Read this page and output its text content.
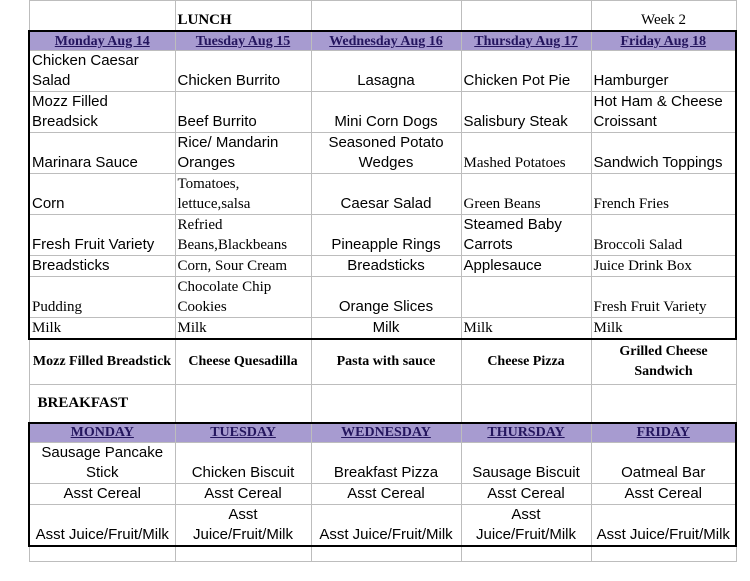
	LUNCH			Week 2
Monday Aug 14	Tuesday Aug 15	Wednesday Aug 16	Thursday Aug 17	Friday Aug 18
Chicken Caesar Salad	Chicken Burrito	Lasagna	Chicken Pot Pie	Hamburger
Mozz Filled Breadsick	Beef Burrito	Mini Corn Dogs	Salisbury Steak	Hot Ham & Cheese Croissant
Marinara Sauce	Rice/ Mandarin Oranges	Seasoned Potato Wedges	Mashed Potatoes	Sandwich Toppings
Corn	Tomatoes, lettuce,salsa	Caesar Salad	Green Beans	French Fries
Fresh Fruit Variety	Refried Beans,Blackbeans	Pineapple Rings	Steamed Baby Carrots	Broccoli Salad
Breadsticks	Corn, Sour Cream	Breadsticks	Applesauce	Juice Drink Box
Pudding	Chocolate Chip Cookies	Orange Slices		Fresh Fruit Variety
Milk	Milk	Milk	Milk	Milk
Mozz Filled Breadstick	Cheese Quesadilla	Pasta with sauce	Cheese Pizza	Grilled Cheese Sandwich
BREAKFAST				
MONDAY	TUESDAY	WEDNESDAY	THURSDAY	FRIDAY
Sausage Pancake Stick	Chicken Biscuit	Breakfast Pizza	Sausage Biscuit	Oatmeal Bar
Asst Cereal	Asst Cereal	Asst Cereal	Asst Cereal	Asst Cereal
Asst Juice/Fruit/Milk	Asst Juice/Fruit/Milk	Asst Juice/Fruit/Milk	Asst Juice/Fruit/Milk	Asst Juice/Fruit/Milk
